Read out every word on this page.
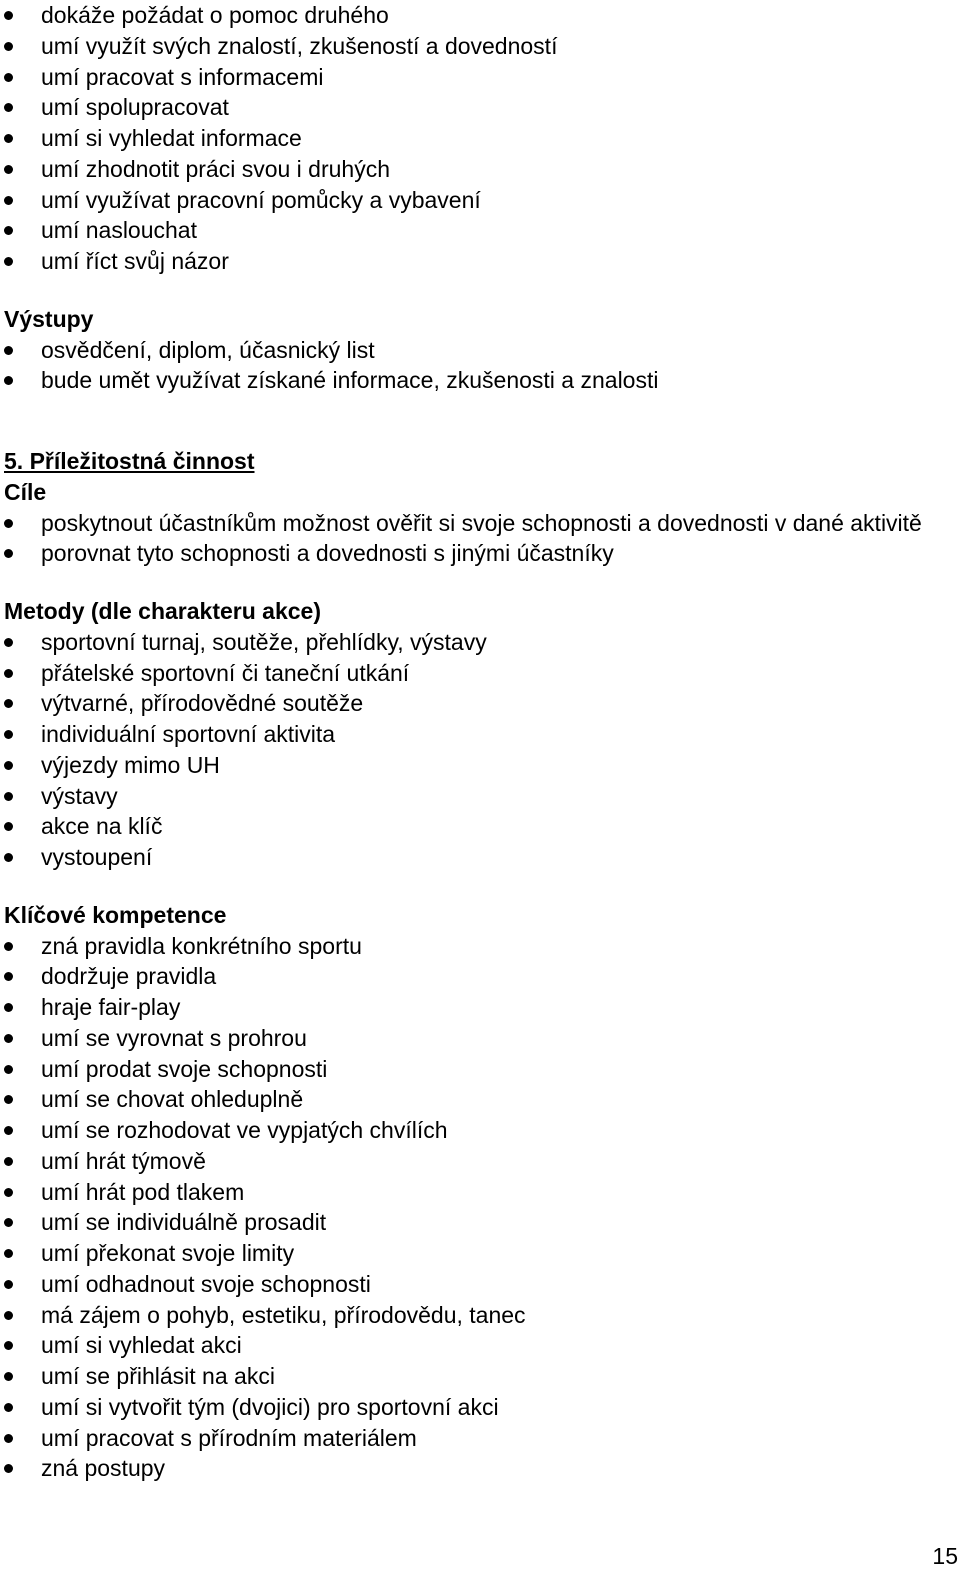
dokáže požádat o pomoc druhého
umí využít svých znalostí, zkušeností a dovedností
umí pracovat s informacemi
umí spolupracovat
umí si vyhledat informace
umí zhodnotit práci svou i druhých
umí využívat pracovní pomůcky a vybavení
umí naslouchat
umí říct svůj názor
Výstupy
osvědčení, diplom, účasnický list
bude umět využívat získané informace, zkušenosti a znalosti
5. Příležitostná činnost
Cíle
poskytnout účastníkům možnost ověřit si svoje schopnosti a dovednosti v dané aktivitě
porovnat tyto schopnosti a dovednosti s jinými účastníky
Metody (dle charakteru akce)
sportovní turnaj, soutěže, přehlídky, výstavy
přátelské sportovní či taneční utkání
výtvarné, přírodovědné soutěže
individuální sportovní aktivita
výjezdy mimo UH
výstavy
akce na klíč
vystoupení
Klíčové kompetence
zná pravidla konkrétního sportu
dodržuje pravidla
hraje fair-play
umí se vyrovnat s prohrou
umí prodat svoje schopnosti
umí se chovat ohleduplně
umí se rozhodovat ve vypjatých chvílích
umí hrát týmově
umí hrát pod tlakem
umí se individuálně prosadit
umí překonat svoje limity
umí odhadnout svoje schopnosti
má zájem o pohyb, estetiku, přírodovědu, tanec
umí si vyhledat akci
umí se přihlásit na akci
umí si vytvořit tým (dvojici) pro sportovní akci
umí pracovat s přírodním materiálem
zná postupy
15
